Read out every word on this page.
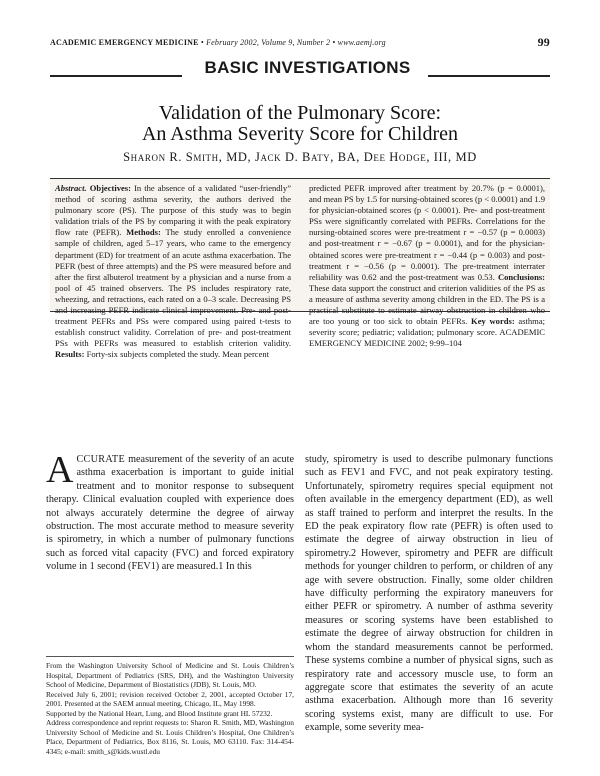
ACADEMIC EMERGENCY MEDICINE • February 2002, Volume 9, Number 2 • www.aemj.org	99
BASIC INVESTIGATIONS
Validation of the Pulmonary Score:
An Asthma Severity Score for Children
Sharon R. Smith, MD, Jack D. Baty, BA, Dee Hodge, III, MD
Abstract. Objectives: In the absence of a validated “user-friendly” method of scoring asthma severity, the authors derived the pulmonary score (PS). The purpose of this study was to begin validation trials of the PS by comparing it with the peak expiratory flow rate (PEFR). Methods: The study enrolled a convenience sample of children, aged 5–17 years, who came to the emergency department (ED) for treatment of an acute asthma exacerbation. The PEFR (best of three attempts) and the PS were measured before and after the first albuterol treatment by a physician and a nurse from a pool of 45 trained observers. The PS includes respiratory rate, wheezing, and retractions, each rated on a 0–3 scale. Decreasing PS and increasing PEFR indicate clinical improvement. Pre- and post-treatment PEFRs and PSs were compared using paired t-tests to establish construct validity. Correlation of pre- and post-treatment PSs with PEFRs was measured to establish criterion validity. Results: Forty-six subjects completed the study. Mean percent
predicted PEFR improved after treatment by 20.7% (p = 0.0001), and mean PS by 1.5 for nursing-obtained scores (p < 0.0001) and 1.9 for physician-obtained scores (p < 0.0001). Pre- and post-treatment PSs were significantly correlated with PEFRs. Correlations for the nursing-obtained scores were pre-treatment r = −0.57 (p = 0.0003) and post-treatment r = −0.67 (p = 0.0001), and for the physician-obtained scores were pre-treatment r = −0.44 (p = 0.003) and post-treatment r = −0.56 (p = 0.0001). The pre-treatment interrater reliability was 0.62 and the post-treatment was 0.53. Conclusions: These data support the construct and criterion validities of the PS as a measure of asthma severity among children in the ED. The PS is a practical substitute to estimate airway obstruction in children who are too young or too sick to obtain PEFRs. Key words: asthma; severity score; pediatric; validation; pulmonary score. ACADEMIC EMERGENCY MEDICINE 2002; 9:99–104
A CCURATE measurement of the severity of an acute asthma exacerbation is important to guide initial treatment and to monitor response to subsequent therapy. Clinical evaluation coupled with experience does not always accurately determine the degree of airway obstruction. The most accurate method to measure severity is spirometry, in which a number of pulmonary functions such as forced vital capacity (FVC) and forced expiratory volume in 1 second (FEV1) are measured.1 In this
study, spirometry is used to describe pulmonary functions such as FEV1 and FVC, and not peak expiratory testing. Unfortunately, spirometry requires special equipment not often available in the emergency department (ED), as well as staff trained to perform and interpret the results. In the ED the peak expiratory flow rate (PEFR) is often used to estimate the degree of airway obstruction in lieu of spirometry.2 However, spirometry and PEFR are difficult methods for younger children to perform, or children of any age with severe obstruction. Finally, some older children have difficulty performing the expiratory maneuvers for either PEFR or spirometry. A number of asthma severity measures or scoring systems have been established to estimate the degree of airway obstruction for children in whom the standard measurements cannot be performed. These systems combine a number of physical signs, such as respiratory rate and accessory muscle use, to form an aggregate score that estimates the severity of an acute asthma exacerbation. Although more than 16 severity scoring systems exist, many are difficult to use. For example, some severity mea-

From the Washington University School of Medicine and St. Louis Children’s Hospital, Department of Pediatrics (SRS, DH), and the Washington University School of Medicine, Department of Biostatistics (JDB), St. Louis, MO.

Received July 6, 2001; revision received October 2, 2001, accepted October 17, 2001. Presented at the SAEM annual meeting, Chicago, IL, May 1998.

Supported by the National Heart, Lung, and Blood Institute grant HL 57232.

Address correspondence and reprint requests to: Sharon R. Smith, MD, Washington University School of Medicine and St. Louis Children’s Hospital, One Children’s Place, Department of Pediatrics, Box 8116, St. Louis, MO 63110. Fax: 314-454-4345; e-mail: smith_s@kids.wustl.edu
